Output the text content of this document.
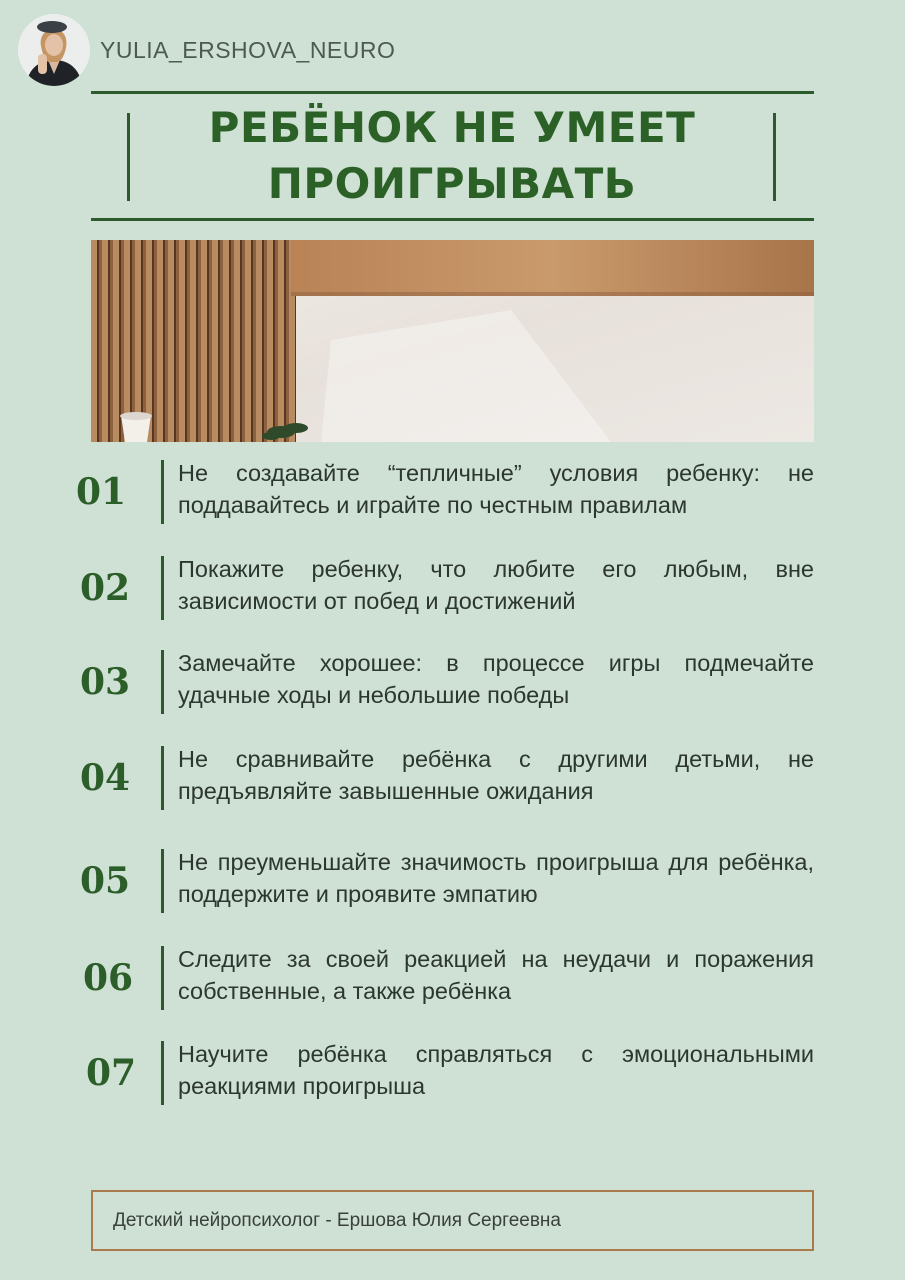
YULIA_ERSHOVA_NEURO
РЕБЁНОК НЕ УМЕЕТ
ПРОИГРЫВАТЬ
01	Не создавайте “тепличные” условия ребенку: не поддавайтесь и играйте по честным правилам
02	Покажите ребенку, что любите его любым, вне зависимости от побед и достижений
03	Замечайте хорошее: в процессе игры подмечайте удачные ходы и небольшие победы
04	Не сравнивайте ребёнка с другими детьми, не предъявляйте завышенные ожидания
05	Не преуменьшайте значимость проигрыша для ребёнка, поддержите и проявите эмпатию
06	Следите за своей реакцией на неудачи и поражения собственные, а также ребёнка
07	Научите ребёнка справляться с эмоциональными реакциями проигрыша
Детский нейропсихолог - Ершова Юлия Сергеевна
